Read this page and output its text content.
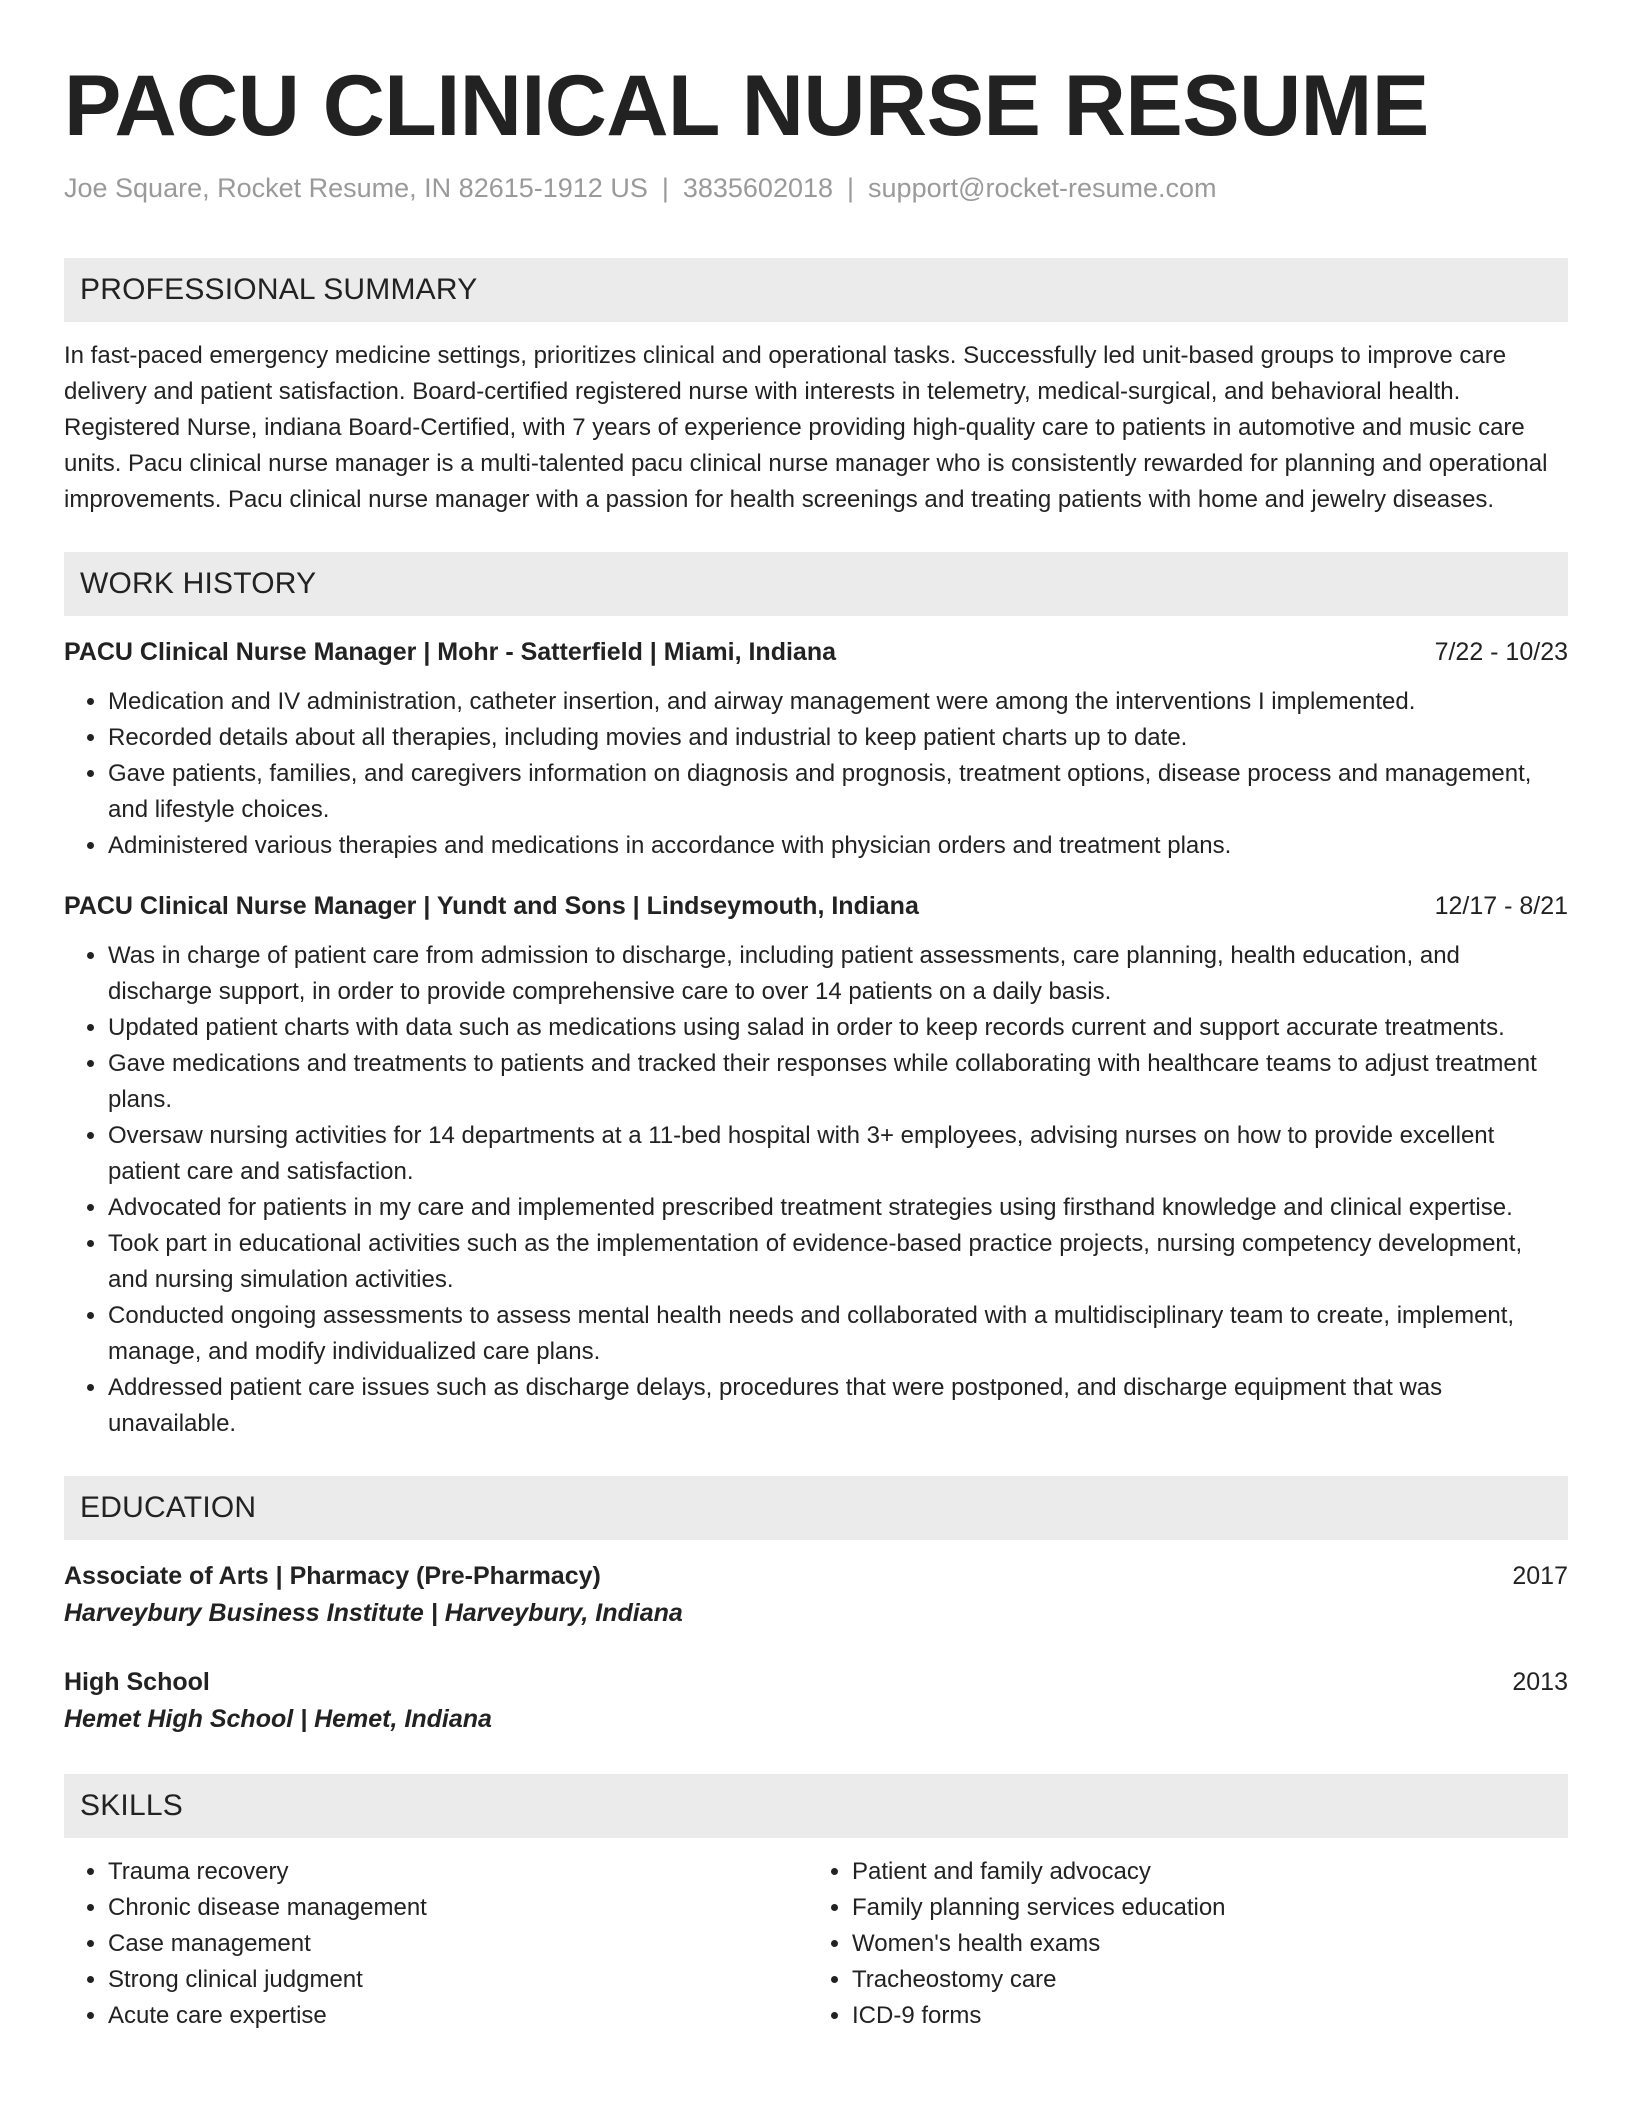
PACU CLINICAL NURSE RESUME
Joe Square, Rocket Resume, IN 82615-1912 US | 3835602018 | support@rocket-resume.com
PROFESSIONAL SUMMARY
In fast-paced emergency medicine settings, prioritizes clinical and operational tasks. Successfully led unit-based groups to improve care delivery and patient satisfaction. Board-certified registered nurse with interests in telemetry, medical-surgical, and behavioral health. Registered Nurse, indiana Board-Certified, with 7 years of experience providing high-quality care to patients in automotive and music care units. Pacu clinical nurse manager is a multi-talented pacu clinical nurse manager who is consistently rewarded for planning and operational improvements. Pacu clinical nurse manager with a passion for health screenings and treating patients with home and jewelry diseases.
WORK HISTORY
PACU Clinical Nurse Manager | Mohr - Satterfield | Miami, Indiana	7/22 - 10/23
• Medication and IV administration, catheter insertion, and airway management were among the interventions I implemented.
• Recorded details about all therapies, including movies and industrial to keep patient charts up to date.
• Gave patients, families, and caregivers information on diagnosis and prognosis, treatment options, disease process and management, and lifestyle choices.
• Administered various therapies and medications in accordance with physician orders and treatment plans.
PACU Clinical Nurse Manager | Yundt and Sons | Lindseymouth, Indiana	12/17 - 8/21
• Was in charge of patient care from admission to discharge, including patient assessments, care planning, health education, and discharge support, in order to provide comprehensive care to over 14 patients on a daily basis.
• Updated patient charts with data such as medications using salad in order to keep records current and support accurate treatments.
• Gave medications and treatments to patients and tracked their responses while collaborating with healthcare teams to adjust treatment plans.
• Oversaw nursing activities for 14 departments at a 11-bed hospital with 3+ employees, advising nurses on how to provide excellent patient care and satisfaction.
• Advocated for patients in my care and implemented prescribed treatment strategies using firsthand knowledge and clinical expertise.
• Took part in educational activities such as the implementation of evidence-based practice projects, nursing competency development, and nursing simulation activities.
• Conducted ongoing assessments to assess mental health needs and collaborated with a multidisciplinary team to create, implement, manage, and modify individualized care plans.
• Addressed patient care issues such as discharge delays, procedures that were postponed, and discharge equipment that was unavailable.
EDUCATION
Associate of Arts | Pharmacy (Pre-Pharmacy)	2017
Harveybury Business Institute | Harveybury, Indiana
High School	2013
Hemet High School | Hemet, Indiana
SKILLS
• Trauma recovery
• Chronic disease management
• Case management
• Strong clinical judgment
• Acute care expertise
• Patient and family advocacy
• Family planning services education
• Women's health exams
• Tracheostomy care
• ICD-9 forms
